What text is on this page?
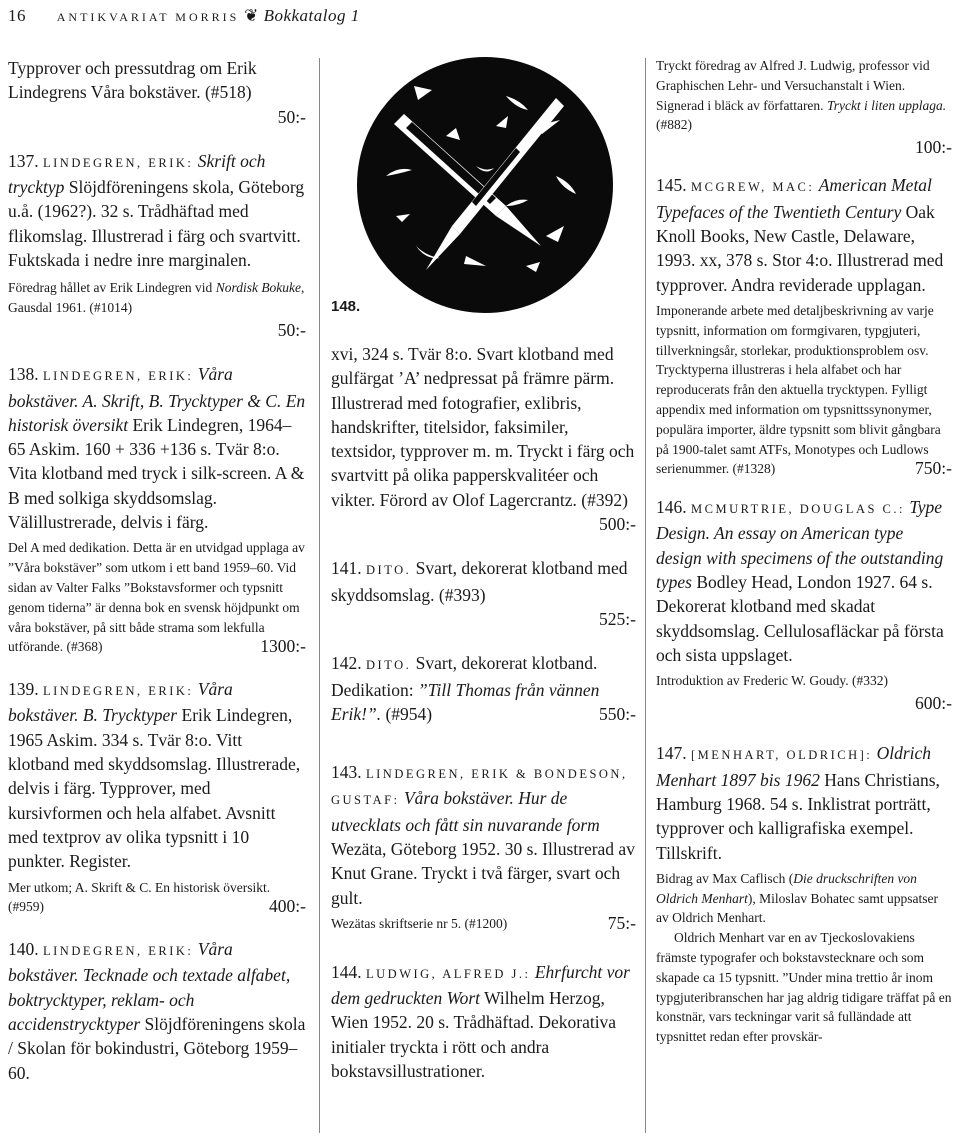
16	ANTIKVARIAT MORRIS ❦ Bokkatalog 1

Typprover och pressutdrag om Erik Lindegrens Våra bokstäver. (#518)

50:-

137. LINDEGREN, ERIK: Skrift och trycktyp Slöjdföreningens skola, Göteborg u.å. (1962?). 32 s. Trådhäftad med flikomslag. Illustrerad i färg och svartvitt. Fuktskada i nedre inre marginalen.

Föredrag hållet av Erik Lindegren vid Nordisk Bokuke, Gausdal 1961. (#1014)

50:-

138. LINDEGREN, ERIK: Våra bokstäver. A. Skrift, B. Trycktyper & C. En historisk översikt Erik Lindegren, 1964–65 Askim. 160 + 336 +136 s. Tvär 8:o. Vita klotband med tryck i silk-screen. A & B med solkiga skyddsomslag. Välillustrerade, delvis i färg.

Del A med dedikation. Detta är en utvidgad upplaga av ”Våra bokstäver” som utkom i ett band 1959–60. Vid sidan av Valter Falks ”Bokstavsformer och typsnitt genom tiderna” är denna bok en svensk höjdpunkt om våra bokstäver, på sitt både strama som lekfulla utförande. (#368)	1300:-

139. LINDEGREN, ERIK: Våra bokstäver. B. Trycktyper Erik Lindegren, 1965 Askim. 334 s. Tvär 8:o. Vitt klotband med skyddsomslag. Illustrerade, delvis i färg. Typprover, med kursivformen och hela alfabet. Avsnitt med textprov av olika typsnitt i 10 punkter. Register.

Mer utkom; A. Skrift & C. En historisk översikt. (#959)	400:-

140. LINDEGREN, ERIK: Våra bokstäver. Tecknade och textade alfabet, boktrycktyper, reklam- och accidenstrycktyper Slöjdföreningens skola / Skolan för bokindustri, Göteborg 1959–60.

148.

xvi, 324 s. Tvär 8:o. Svart klotband med gulfärgat ’A’ nedpressat på främre pärm. Illustrerad med fotografier, exlibris, handskrifter, titelsidor, faksimiler, textsidor, typprover m. m. Tryckt i färg och svartvitt på olika papperskvalitéer och vikter. Förord av Olof Lagercrantz. (#392)

500:-

141. DITO. Svart, dekorerat klotband med skyddsomslag. (#393)

525:-

142. DITO. Svart, dekorerat klotband. Dedikation: ”Till Thomas från vännen Erik!”. (#954)	550:-

143. LINDEGREN, ERIK & BONDESON, GUSTAF: Våra bokstäver. Hur de utvecklats och fått sin nuvarande form Wezäta, Göteborg 1952. 30 s. Illustrerad av Knut Grane. Tryckt i två färger, svart och gult.

Wezätas skriftserie nr 5. (#1200)	75:-

144. LUDWIG, ALFRED J.: Ehrfurcht vor dem gedruckten Wort Wilhelm Herzog, Wien 1952. 20 s. Trådhäftad. Dekorativa initialer tryckta i rött och andra bokstavsillustrationer.

Tryckt föredrag av Alfred J. Ludwig, professor vid Graphischen Lehr- und Versuchanstalt i Wien. Signerad i bläck av författaren. Tryckt i liten upplaga. (#882)

100:-

145. MCGREW, MAC: American Metal Typefaces of the Twentieth Century Oak Knoll Books, New Castle, Delaware, 1993. xx, 378 s. Stor 4:o. Illustrerad med typprover. Andra reviderade upplagan.

Imponerande arbete med detaljbeskrivning av varje typsnitt, information om formgivaren, typgjuteri, tillverkningsår, storlekar, produktionsproblem osv. Trycktyperna illustreras i hela alfabet och har reproducerats från den aktuella trycktypen. Fylligt appendix med information om typsnittssynonymer, populära importer, äldre typsnitt som blivit gångbara på 1900-talet samt ATFs, Monotypes och Ludlows serienummer. (#1328)	750:-

146. MCMURTRIE, DOUGLAS C.: Type Design. An essay on American type design with specimens of the outstanding types Bodley Head, London 1927. 64 s. Dekorerat klotband med skadat skyddsomslag. Cellulosafläckar på första och sista uppslaget.

Introduktion av Frederic W. Goudy. (#332)

600:-

147. [MENHART, OLDRICH]: Oldrich Menhart 1897 bis 1962 Hans Christians, Hamburg 1968. 54 s. Inklistrat porträtt, typprover och kalligrafiska exempel. Tillskrift.

Bidrag av Max Caflisch (Die druckschriften von Oldrich Menhart), Miloslav Bohatec samt uppsatser av Oldrich Menhart.

Oldrich Menhart var en av Tjeckoslovakiens främste typografer och bokstavstecknare och som skapade ca 15 typsnitt. ”Under mina trettio år inom typgjuteribranschen har jag aldrig tidigare träffat på en konstnär, vars teckningar varit så fulländade att typsnittet redan efter provskär-
